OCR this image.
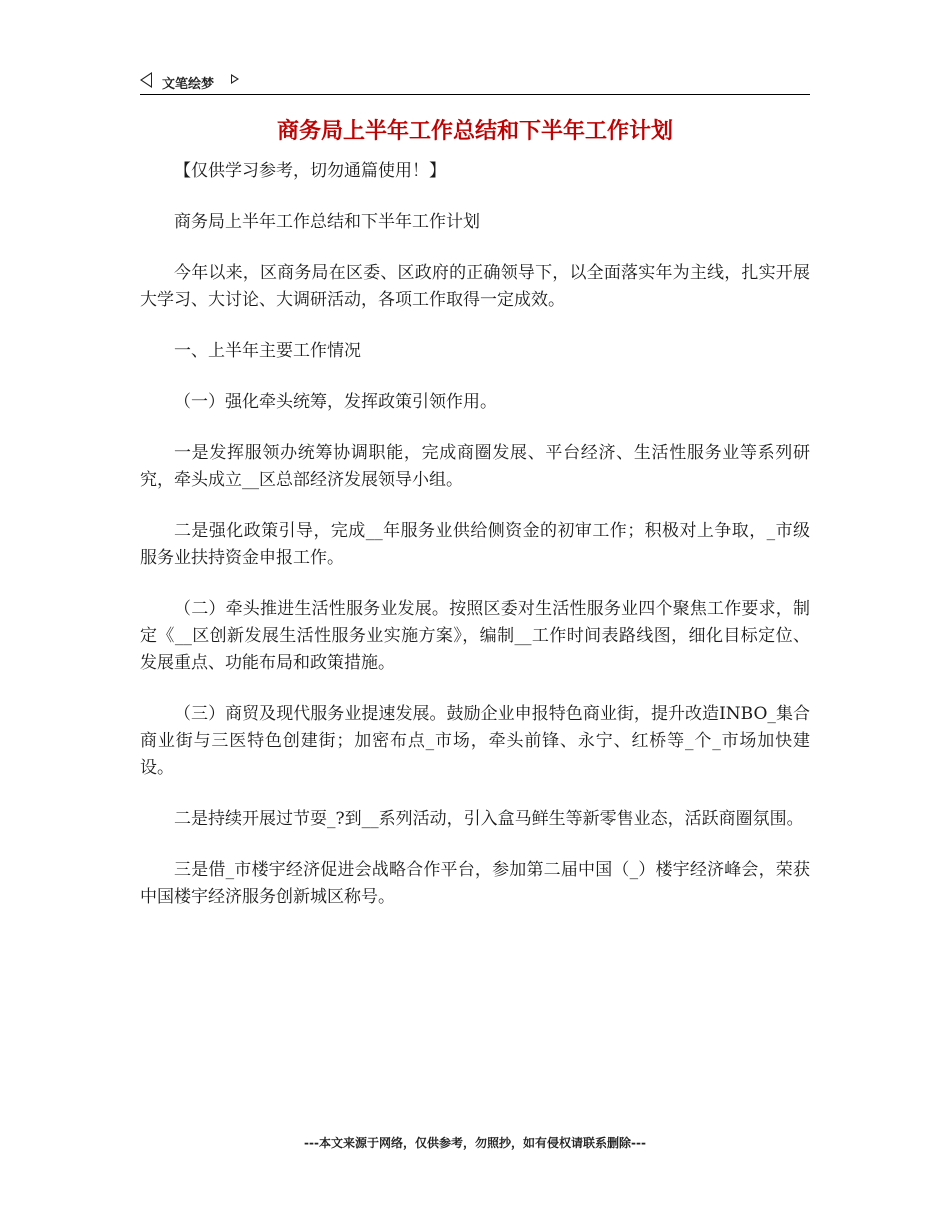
文笔绘梦
商务局上半年工作总结和下半年工作计划

【仅供学习参考，切勿通篇使用！】

商务局上半年工作总结和下半年工作计划

今年以来，区商务局在区委、区政府的正确领导下，以全面落实年为主线，扎实开展大学习、大讨论、大调研活动，各项工作取得一定成效。

一、上半年主要工作情况

（一）强化牵头统筹，发挥政策引领作用。

一是发挥服领办统筹协调职能，完成商圈发展、平台经济、生活性服务业等系列研究，牵头成立__区总部经济发展领导小组。

二是强化政策引导，完成__年服务业供给侧资金的初审工作；积极对上争取，_市级服务业扶持资金申报工作。

（二）牵头推进生活性服务业发展。按照区委对生活性服务业四个聚焦工作要求，制定《__区创新发展生活性服务业实施方案》，编制__工作时间表路线图，细化目标定位、发展重点、功能布局和政策措施。

（三）商贸及现代服务业提速发展。鼓励企业申报特色商业街，提升改造INBO_集合商业街与三医特色创建街；加密布点_市场，牵头前锋、永宁、红桥等_个_市场加快建设。

二是持续开展过节耍_?到__系列活动，引入盒马鲜生等新零售业态，活跃商圈氛围。

三是借_市楼宇经济促进会战略合作平台，参加第二届中国（_）楼宇经济峰会，荣获中国楼宇经济服务创新城区称号。

---本文来源于网络，仅供参考，勿照抄，如有侵权请联系删除---
